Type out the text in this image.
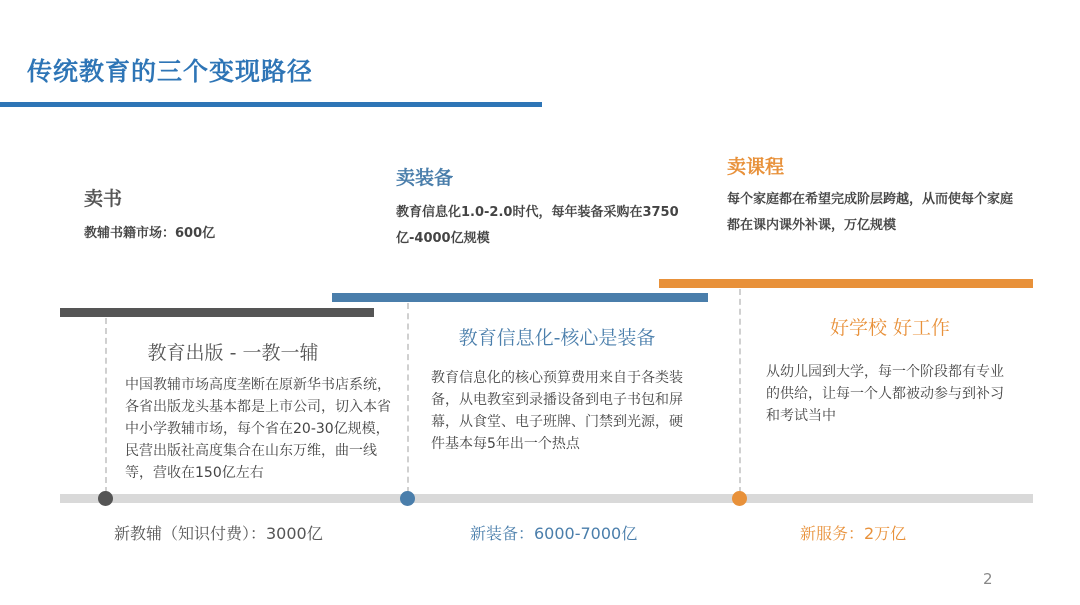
传统教育的三个变现路径
卖书
教辅书籍市场：600亿
卖装备
教育信息化1.0-2.0时代，每年装备采购在3750亿-4000亿规模
卖课程
每个家庭都在希望完成阶层跨越，从而使每个家庭都在课内课外补课，万亿规模
教育出版 - 一教一辅
中国教辅市场高度垄断在原新华书店系统，各省出版龙头基本都是上市公司，切入本省中小学教辅市场，每个省在20-30亿规模，民营出版社高度集合在山东万维，曲一线等，营收在150亿左右
教育信息化-核心是装备
教育信息化的核心预算费用来自于各类装备，从电教室到录播设备到电子书包和屏幕，从食堂、电子班牌、门禁到光源，硬件基本每5年出一个热点
好学校 好工作
从幼儿园到大学，每一个阶段都有专业的供给，让每一个人都被动参与到补习和考试当中
新教辅（知识付费）：3000亿	新装备：6000-7000亿	新服务：2万亿
2
